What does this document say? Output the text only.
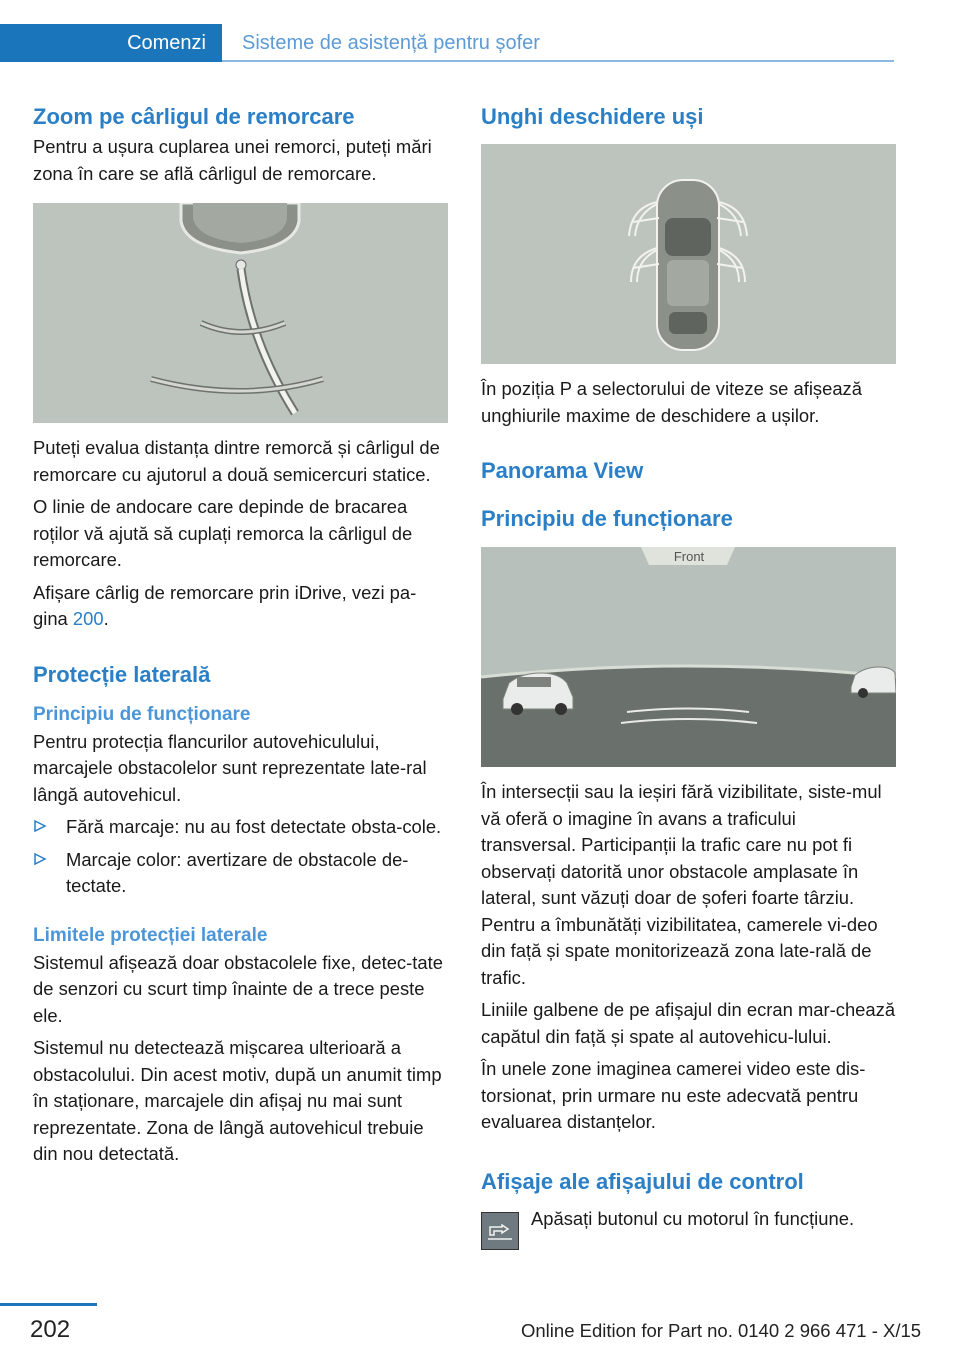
Comenzi Sisteme de asistență pentru șofer
Zoom pe cârligul de remorcare

Pentru a ușura cuplarea unei remorci, puteți mări zona în care se află cârligul de remorcare.

Puteți evalua distanța dintre remorcă și cârligul de remorcare cu ajutorul a două semicercuri statice.

O linie de andocare care depinde de bracarea roților vă ajută să cuplați remorca la cârligul de remorcare.

Afișare cârlig de remorcare prin iDrive, vezi pa‐gina 200.

Protecție laterală
Principiu de funcționare

Pentru protecția flancurilor autovehiculului, marcajele obstacolelor sunt reprezentate late‐ral lângă autovehicul.

Fără marcaje: nu au fost detectate obsta‐cole.
Marcaje color: avertizare de obstacole de‐tectate.
Limitele protecției laterale

Sistemul afișează doar obstacolele fixe, detec‐tate de senzori cu scurt timp înainte de a trece peste ele.

Sistemul nu detectează mișcarea ulterioară a obstacolului. Din acest motiv, după un anumit timp în staționare, marcajele din afișaj nu mai sunt reprezentate. Zona de lângă autovehicul trebuie din nou detectată.

Unghi deschidere uși

În poziția P a selectorului de viteze se afișează unghiurile maxime de deschidere a ușilor.

Panorama View
Principiu de funcționare
Front

În intersecții sau la ieșiri fără vizibilitate, siste‐mul vă oferă o imagine în avans a traficului transversal. Participanții la trafic care nu pot fi observați datorită unor obstacole amplasate în lateral, sunt văzuți doar de șoferi foarte târziu. Pentru a îmbunătăți vizibilitatea, camerele vi‐deo din față și spate monitorizează zona late‐rală de trafic.

Liniile galbene de pe afișajul din ecran mar‐chează capătul din față și spate al autovehicu‐lului.

În unele zone imaginea camerei video este dis‐torsionat, prin urmare nu este adecvată pentru evaluarea distanțelor.

Afișaje ale afișajului de control

Apăsați butonul cu motorul în funcțiune.

202	Online Edition for Part no. 0140 2 966 471 - X/15
